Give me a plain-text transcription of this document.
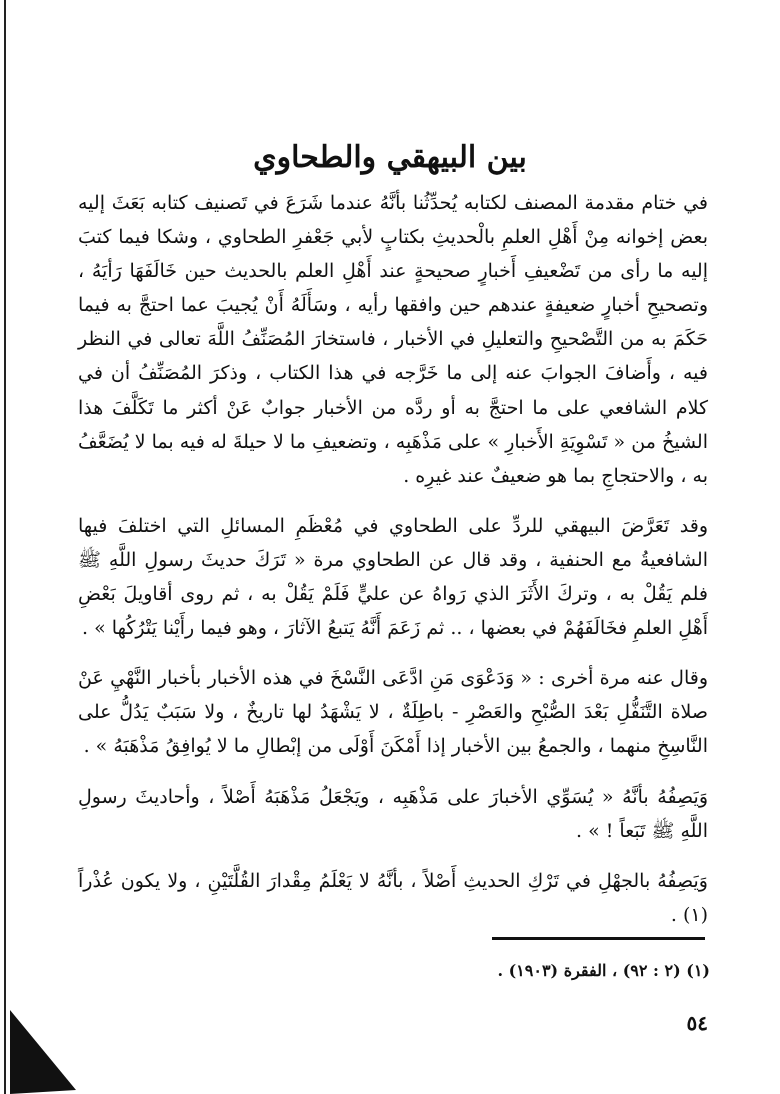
بين البيهقي والطحاوي

في ختام مقدمة المصنف لكتابه يُحدِّثُنا بأنَّهُ عندما شَرَعَ في تَصنيف كتابه بَعَثَ إليه بعض إخوانه مِنْ أَهْلِ العلمِ بالْحديثِ بكتابٍ لأبي جَعْفرِ الطحاوي ، وشكا فيما كتبَ إليه ما رأى من تَضْعيفِ أَخبارٍ صحيحةٍ عند أَهْلِ العلم بالحديث حين خَالَفَهَا رَأيَهُ ، وتصحيحِ أخبارٍ ضعيفةٍ عندهم حين وافقها رأيه ، وسَأَلَهُ أَنْ يُجيبَ عما احتجَّ به فيما حَكَمَ به من التَّصْحيحِ والتعليلِ في الأخبار ، فاستخارَ المُصَنِّفُ اللَّهَ تعالى في النظر فيه ، وأَضافَ الجوابَ عنه إلى ما خَرَّجه في هذا الكتاب ، وذكرَ المُصَنِّفُ أن في كلام الشافعي على ما احتجَّ به أو ردَّه من الأخبار جوابٌ عَنْ أكثر ما تَكَلَّفَ هذا الشيخُ من « تَسْوِيَةِ الأَخبارِ » على مَذْهَبِه ، وتضعيفِ ما لا حيلةَ له فيه بما لا يُضَعَّفُ به ، والاحتجاجِ بما هو ضعيفٌ عند غيرِه .

وقد تَعَرَّضَ البيهقي للردِّ على الطحاوي في مُعْظَمِ المسائلِ التي اختلفَ فيها الشافعيةُ مع الحنفية ، وقد قال عن الطحاوي مرة « تَرَكَ حديثَ رسولِ اللَّهِ ﷺ فلم يَقُلْ به ، وتركَ الأَثَرَ الذي رَواهُ عن عليٍّ فَلَمْ يَقُلْ به ، ثم روى أقاويلَ بَعْضِ أَهْلِ العلمِ فخَالَفَهُمْ في بعضها ، .. ثم زَعَمَ أَنَّهُ يَتبعُ الآثارَ ، وهو فيما رأَيْنا يَتْرُكُها » .

وقال عنه مرة أخرى : « وَدَعْوَى مَنِ ادَّعَى النَّسْخَ في هذه الأخبار بأخبار النَّهْيِ عَنْ صلاة التَّنَفُّلِ بَعْدَ الصُّبْحِ والعَصْرِ - باطِلَةٌ ، لا يَشْهَدُ لها تاريخٌ ، ولا سَبَبٌ يَدُلُّ على النَّاسِخِ منهما ، والجمعُ بين الأخبار إذا أَمْكَنَ أَوْلَى من إبْطالِ ما لا يُوافِقُ مَذْهَبَهُ » .

وَيَصِفُهُ بأنَّهُ « يُسَوِّي الأخبارَ على مَذْهَبِه ، ويَجْعَلُ مَذْهَبَهُ أَصْلاً ، وأحاديثَ رسولِ اللَّهِ ﷺ تَبَعاً ! » .

وَيَصِفُهُ بالجهْلِ في تَرْكِ الحديثِ أَصْلاً ، بأنَّهُ لا يَعْلَمُ مِقْدارَ القُلَّتَيْنِ ، ولا يكون عُذْراً (١) .

(١) (٢ : ٩٢) ، الفقرة (١٩٠٣) .

٥٤
